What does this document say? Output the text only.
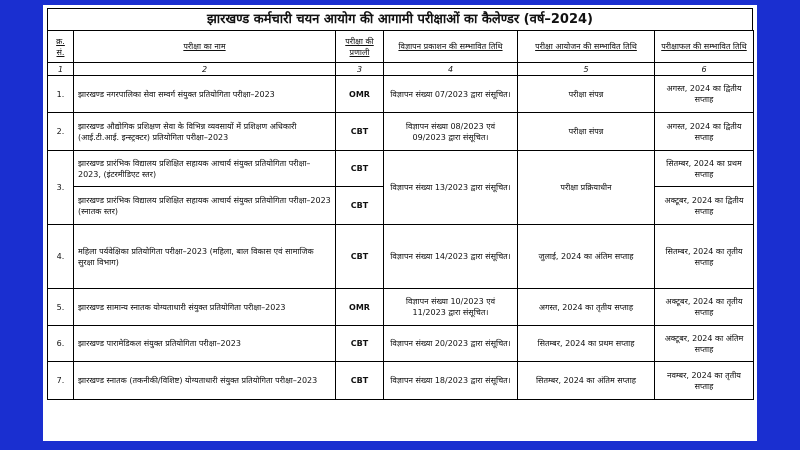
झारखण्ड कर्मचारी चयन आयोग की आगामी परीक्षाओं का कैलेण्डर (वर्ष–2024)
क्र. सं.	परीक्षा का नाम	परीक्षा की प्रणाली	विज्ञापन प्रकाशन की सम्भावित तिथि	परीक्षा आयोजन की सम्भावित तिथि	परीक्षाफल की सम्भावित तिथि
1	2	3	4	5	6
1.	झारखण्ड नगरपालिका सेवा सम्वर्ग संयुक्त प्रतियोगिता परीक्षा–2023	OMR	विज्ञापन संख्या 07/2023 द्वारा संसूचित।	परीक्षा संपन्न	अगस्त, 2024 का द्वितीय सप्ताह
2.	झारखण्ड औद्योगिक प्रशिक्षण सेवा के विभिन्न व्यवसायों में प्रशिक्षण अधिकारी (आई.टी.आई. इन्स्ट्रक्टर) प्रतियोगिता परीक्षा–2023	CBT	विज्ञापन संख्या 08/2023 एवं 09/2023 द्वारा संसूचित।	परीक्षा संपन्न	अगस्त, 2024 का द्वितीय सप्ताह
3.	झारखण्ड प्रारंभिक विद्यालय प्रशिक्षित सहायक आचार्य संयुक्त प्रतियोगिता परीक्षा–2023, (इंटरमीडिएट स्तर)	CBT	विज्ञापन संख्या 13/2023 द्वारा संसूचित।	परीक्षा प्रक्रियाधीन	सितम्बर, 2024 का प्रथम सप्ताह
	झारखण्ड प्रारंभिक विद्यालय प्रशिक्षित सहायक आचार्य संयुक्त प्रतियोगिता परीक्षा–2023 (स्नातक स्तर)	CBT			अक्टूबर, 2024 का द्वितीय सप्ताह
4.	महिला पर्यवेक्षिका प्रतियोगिता परीक्षा–2023 (महिला, बाल विकास एवं सामाजिक सुरक्षा विभाग)	CBT	विज्ञापन संख्या 14/2023 द्वारा संसूचित।	जुलाई, 2024 का अंतिम सप्ताह	सितम्बर, 2024 का तृतीय सप्ताह
5.	झारखण्ड सामान्य स्नातक योग्यताधारी संयुक्त प्रतियोगिता परीक्षा–2023	OMR	विज्ञापन संख्या 10/2023 एवं 11/2023 द्वारा संसूचित।	अगस्त, 2024 का तृतीय सप्ताह	अक्टूबर, 2024 का तृतीय सप्ताह
6.	झारखण्ड पारामेडिकल संयुक्त प्रतियोगिता परीक्षा–2023	CBT	विज्ञापन संख्या 20/2023 द्वारा संसूचित।	सितम्बर, 2024 का प्रथम सप्ताह	अक्टूबर, 2024 का अंतिम सप्ताह
7.	झारखण्ड स्नातक (तकनीकी/विशिष्ट) योग्यताधारी संयुक्त प्रतियोगिता परीक्षा–2023	CBT	विज्ञापन संख्या 18/2023 द्वारा संसूचित।	सितम्बर, 2024 का अंतिम सप्ताह	नवम्बर, 2024 का तृतीय सप्ताह
